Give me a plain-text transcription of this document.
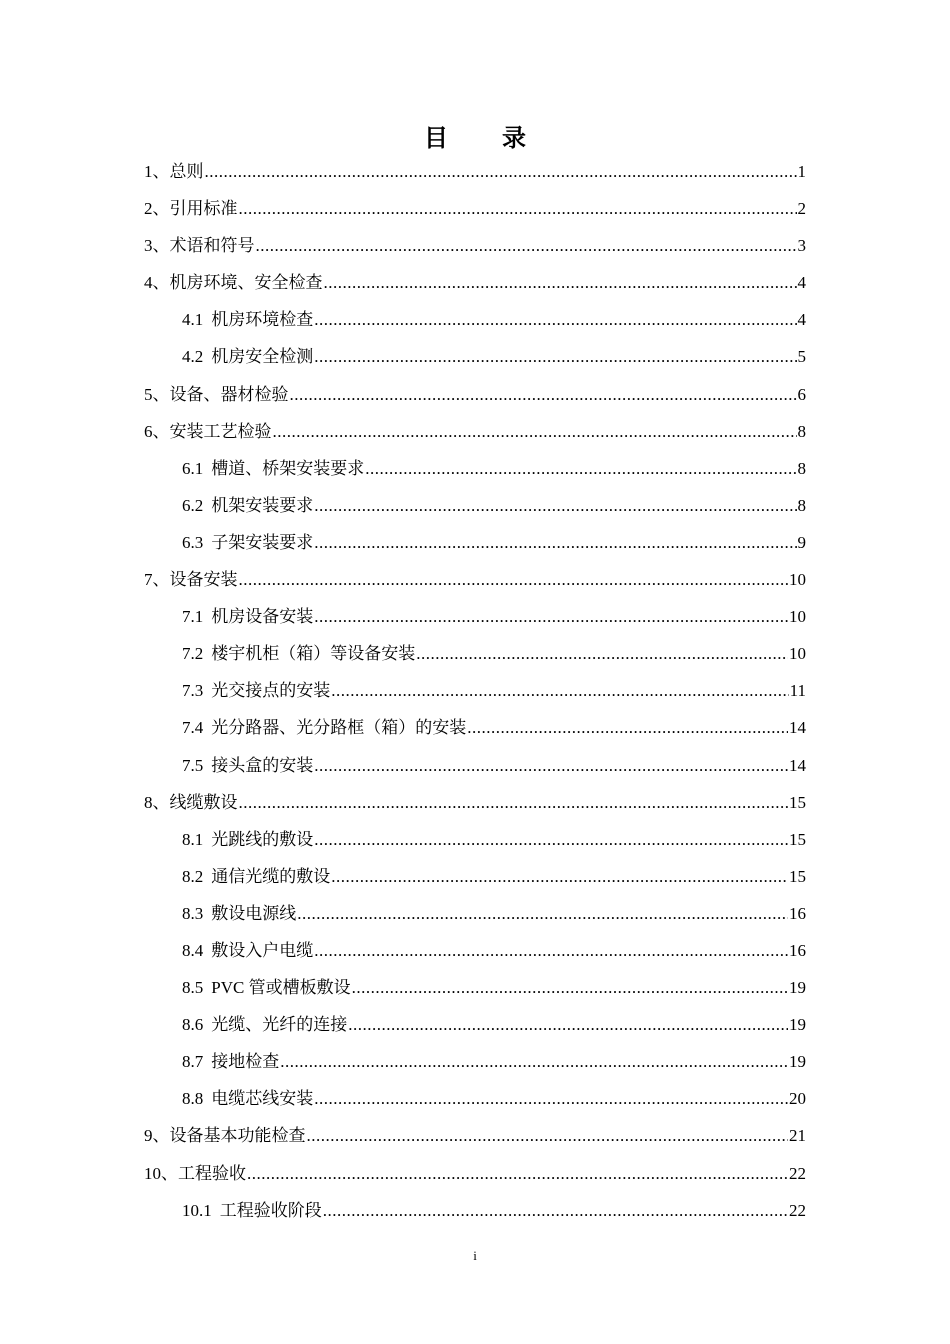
目 录
1、总则 .....	1
2、引用标准 .....	2
3、术语和符号 .....	3
4、机房环境、安全检查 .....	4
4.1 机房环境检查 .....	4
4.2 机房安全检测 .....	5
5、设备、器材检验 .....	6
6、安装工艺检验 .....	8
6.1 槽道、桥架安装要求 .....	8
6.2 机架安装要求 .....	8
6.3 子架安装要求 .....	9
7、设备安装 .....	10
7.1 机房设备安装 .....	10
7.2 楼宇机柜（箱）等设备安装 .....	10
7.3 光交接点的安装 .....	11
7.4 光分路器、光分路框（箱）的安装 .....	14
7.5 接头盒的安装 .....	14
8、线缆敷设 .....	15
8.1 光跳线的敷设 .....	15
8.2 通信光缆的敷设 .....	15
8.3 敷设电源线 .....	16
8.4 敷设入户电缆 .....	16
8.5 PVC 管或槽板敷设 .....	19
8.6 光缆、光纤的连接 .....	19
8.7 接地检查 .....	19
8.8 电缆芯线安装 .....	20
9、设备基本功能检查 .....	21
10、工程验收 .....	22
10.1 工程验收阶段 .....	22
i
